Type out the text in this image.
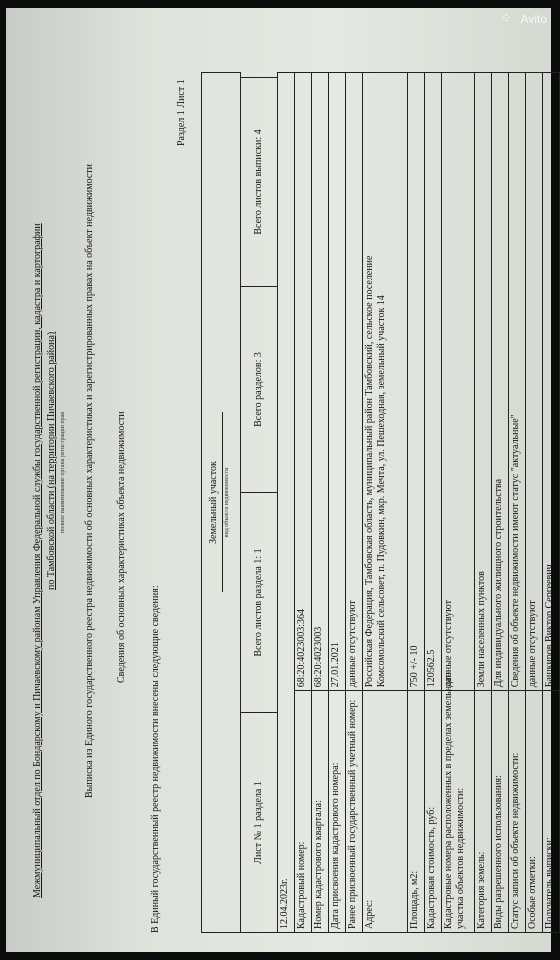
Межмуниципальный отдел по Бондарскому и Пичаевскому районам Управления Федеральной службы государственной регистрации, кадастра и картографии по Тамбовской области (на территории Пичаевского района) полное наименование органа регистрации прав Выписка из Единого государственного реестра недвижимости об основных характеристиках и зарегистрированных правах на объект недвижимости Сведения об основных характеристиках объекта недвижимости
В Единый государственный реестр недвижимости внесены следующие сведения:
Раздел 1 Лист 1
Земельный участок вид объекта недвижимости
Лист № 1 раздела 1
Всего листов раздела 1: 1
Всего разделов: 3
Всего листов выписки: 4
12.04.2023г. Кадастровый номер:
68:20:4023003:364
Номер кадастрового квартала:
68:20:4023003
Дата присвоения кадастрового номера:
27.01.2021
Ранее присвоенный государственный учетный номер:
данные отсутствуют
Адрес:
Российская Федерация, Тамбовская область, муниципальный район Тамбовский, сельское поселение Комсомольский сельсовет, п. Пудовкин, мкр. Мечта, ул. Пешеходная, земельный участок 14
Площадь, м2:
750 +/- 10
Кадастровая стоимость, руб:
120562.5
Кадастровые номера расположенных в пределах земельного участка объектов недвижимости:
данные отсутствуют
Категория земель:
Земли населенных пунктов
Виды разрешенного использования:
Для индивидуального жилищного строительства
Статус записи об объекте недвижимости:
Сведения об объекте недвижимости имеют статус "актуальные"
Особые отметки:
данные отсутствуют
Получатель выписки:
Башкиров Виктор Сергеевич
⁘ Avito
